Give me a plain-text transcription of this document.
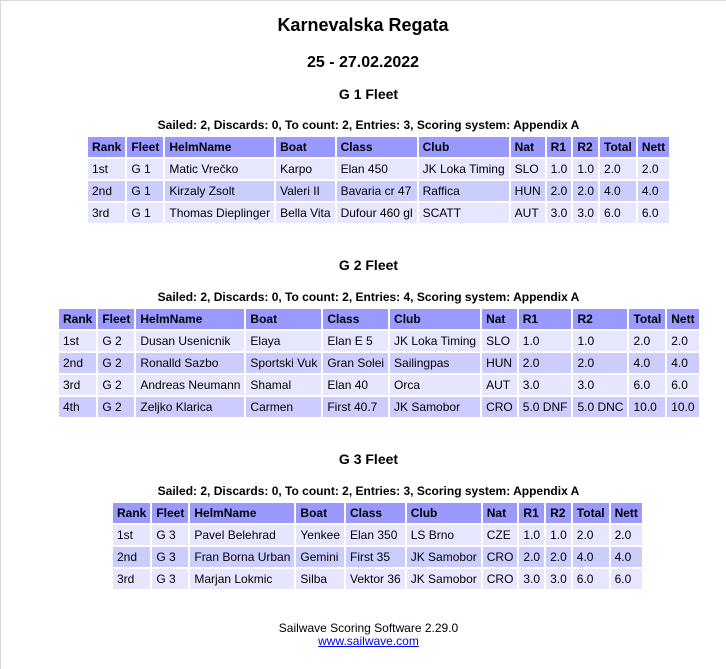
Karnevalska Regata
25 - 27.02.2022
G 1 Fleet
Sailed: 2, Discards: 0, To count: 2, Entries: 3, Scoring system: Appendix A
Rank	Fleet	HelmName	Boat	Class	Club	Nat	R1	R2	Total	Nett
1st	G 1	Matic Vrečko	Karpo	Elan 450	JK Loka Timing	SLO	1.0	1.0	2.0	2.0
2nd	G 1	Kirzaly Zsolt	Valeri II	Bavaria cr 47	Raffica	HUN	2.0	2.0	4.0	4.0
3rd	G 1	Thomas Dieplinger	Bella Vita	Dufour 460 gl	SCATT	AUT	3.0	3.0	6.0	6.0
G 2 Fleet
Sailed: 2, Discards: 0, To count: 2, Entries: 4, Scoring system: Appendix A
Rank	Fleet	HelmName	Boat	Class	Club	Nat	R1	R2	Total	Nett
1st	G 2	Dusan Usenicnik	Elaya	Elan E 5	JK Loka Timing	SLO	1.0	1.0	2.0	2.0
2nd	G 2	Ronalld Sazbo	Sportski Vuk	Gran Solei	Sailingpas	HUN	2.0	2.0	4.0	4.0
3rd	G 2	Andreas Neumann	Shamal	Elan 40	Orca	AUT	3.0	3.0	6.0	6.0
4th	G 2	Zeljko Klarica	Carmen	First 40.7	JK Samobor	CRO	5.0 DNF	5.0 DNC	10.0	10.0
G 3 Fleet
Sailed: 2, Discards: 0, To count: 2, Entries: 3, Scoring system: Appendix A
Rank	Fleet	HelmName	Boat	Class	Club	Nat	R1	R2	Total	Nett
1st	G 3	Pavel Belehrad	Yenkee	Elan 350	LS Brno	CZE	1.0	1.0	2.0	2.0
2nd	G 3	Fran Borna Urban	Gemini	First 35	JK Samobor	CRO	2.0	2.0	4.0	4.0
3rd	G 3	Marjan Lokmic	Silba	Vektor 36	JK Samobor	CRO	3.0	3.0	6.0	6.0
Sailwave Scoring Software 2.29.0
www.sailwave.com
